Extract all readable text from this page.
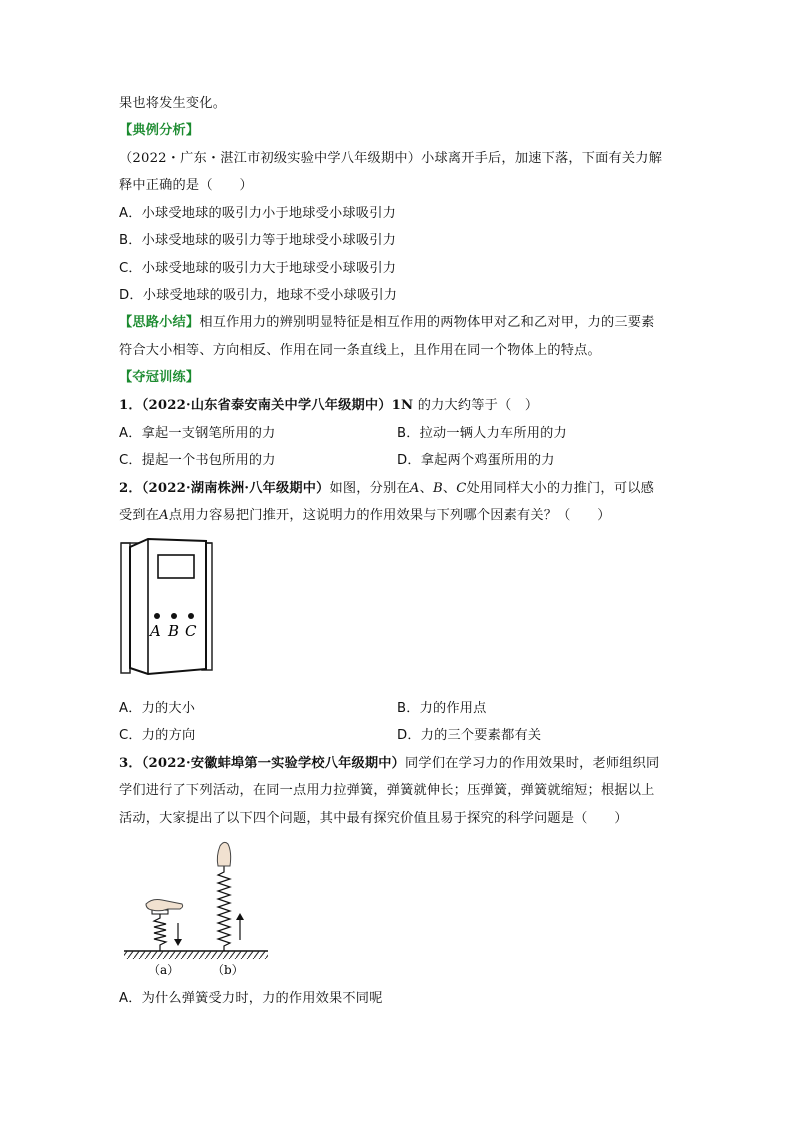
果也将发生变化。
【典例分析】
（2022・广东・湛江市初级实验中学八年级期中）小球离开手后，加速下落，下面有关力解
释中正确的是（　　）
A．小球受地球的吸引力小于地球受小球吸引力
B．小球受地球的吸引力等于地球受小球吸引力
C．小球受地球的吸引力大于地球受小球吸引力
D．小球受地球的吸引力，地球不受小球吸引力
【思路小结】相互作用力的辨别明显特征是相互作用的两物体甲对乙和乙对甲，力的三要素
符合大小相等、方向相反、作用在同一条直线上，且作用在同一个物体上的特点。
【夺冠训练】
1．（2022·山东省泰安南关中学八年级期中）1N 的力大约等于（　）
A．拿起一支钢笔所用的力	B．拉动一辆人力车所用的力
C．提起一个书包所用的力	D．拿起两个鸡蛋所用的力
2．（2022·湖南株洲·八年级期中）如图，分别在A、B、C处用同样大小的力推门，可以感
受到在A点用力容易把门推开，这说明力的作用效果与下列哪个因素有关？（　　）
A B C
A．力的大小	B．力的作用点
C．力的方向	D．力的三个要素都有关
3．（2022·安徽蚌埠第一实验学校八年级期中）同学们在学习力的作用效果时，老师组织同
学们进行了下列活动，在同一点用力拉弹簧，弹簧就伸长；压弹簧，弹簧就缩短；根据以上
活动，大家提出了以下四个问题，其中最有探究价值且易于探究的科学问题是（　　）
（a）	（b）
A．为什么弹簧受力时，力的作用效果不同呢
